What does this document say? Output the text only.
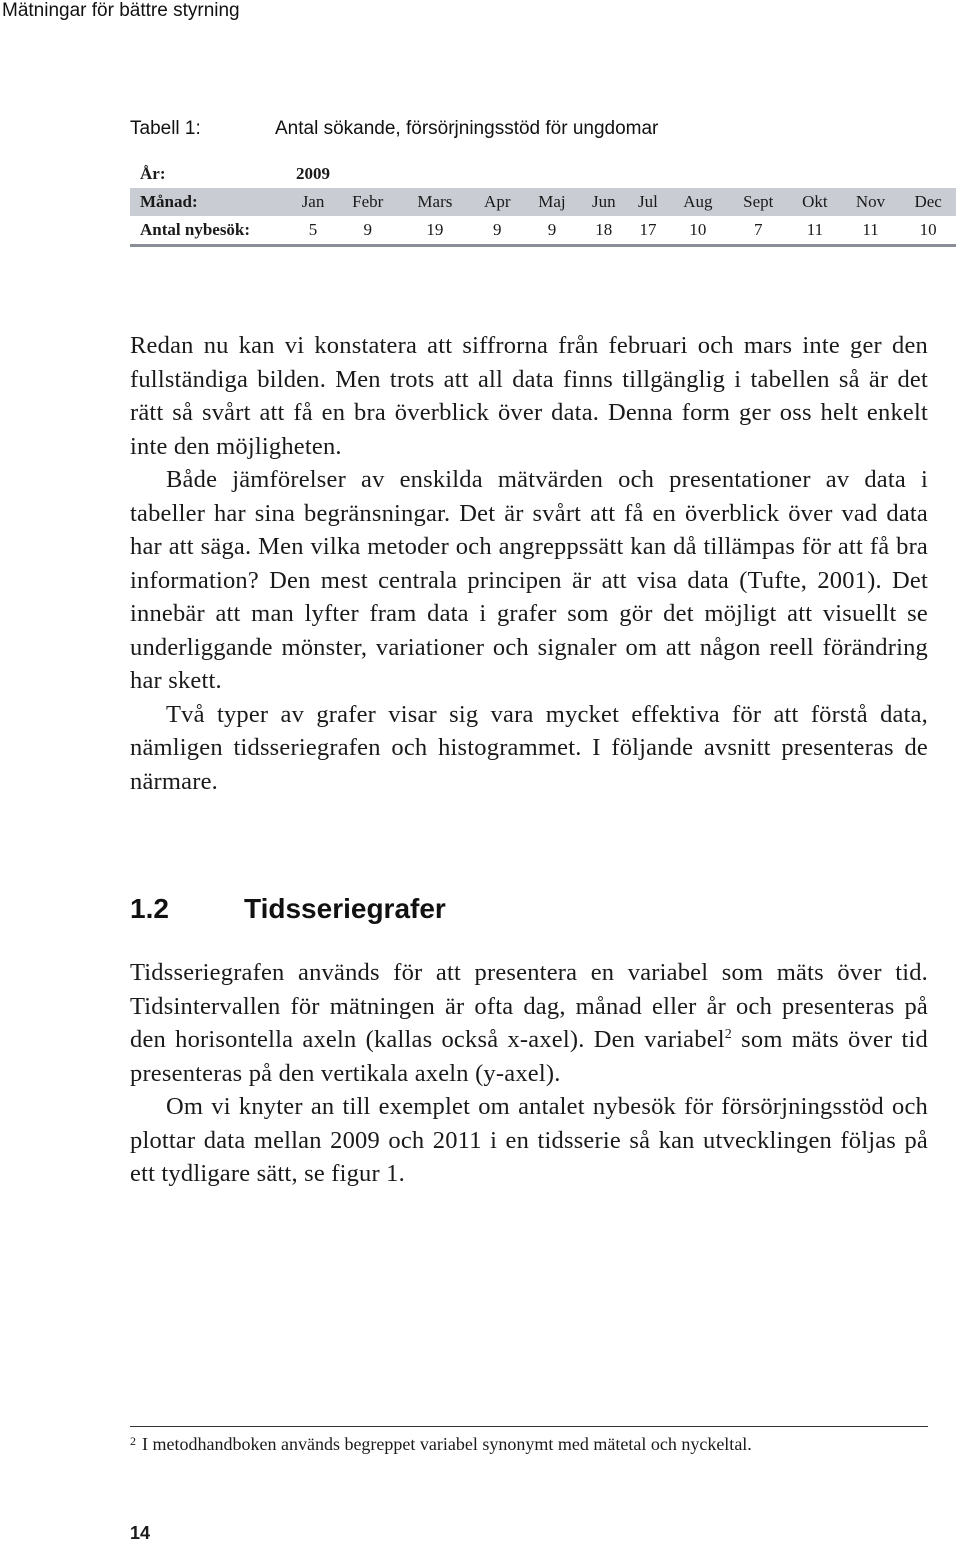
Mätningar för bättre styrning
Tabell 1:	Antal sökande, försörjningsstöd för ungdomar
År:	2009											
Månad:	Jan	Febr	Mars	Apr	Maj	Jun	Jul	Aug	Sept	Okt	Nov	Dec
Antal nybesök:	5	9	19	9	9	18	17	10	7	11	11	10

Redan nu kan vi konstatera att siffrorna från februari och mars inte ger den fullständiga bilden. Men trots att all data finns tillgänglig i tabellen så är det rätt så svårt att få en bra överblick över data. Denna form ger oss helt enkelt inte den möjligheten.

Både jämförelser av enskilda mätvärden och presentationer av data i tabeller har sina begränsningar. Det är svårt att få en överblick över vad data har att säga. Men vilka metoder och angreppssätt kan då tillämpas för att få bra information? Den mest centrala principen är att visa data (Tufte, 2001). Det innebär att man lyfter fram data i grafer som gör det möjligt att visuellt se underliggande mönster, variationer och signaler om att någon reell förändring har skett.

Två typer av grafer visar sig vara mycket effektiva för att förstå data, nämligen tidsseriegrafen och histogrammet. I följande avsnitt presenteras de närmare.

1.2	Tidsseriegrafer

Tidsseriegrafen används för att presentera en variabel som mäts över tid. Tidsintervallen för mätningen är ofta dag, månad eller år och presenteras på den horisontella axeln (kallas också x-axel). Den variabel$^2$ som mäts över tid presenteras på den vertikala axeln (y-axel).

Om vi knyter an till exemplet om antalet nybesök för försörjningsstöd och plottar data mellan 2009 och 2011 i en tidsserie så kan utvecklingen följas på ett tydligare sätt, se figur 1.

$^2$ I metodhandboken används begreppet variabel synonymt med mätetal och nyckeltal.
14
